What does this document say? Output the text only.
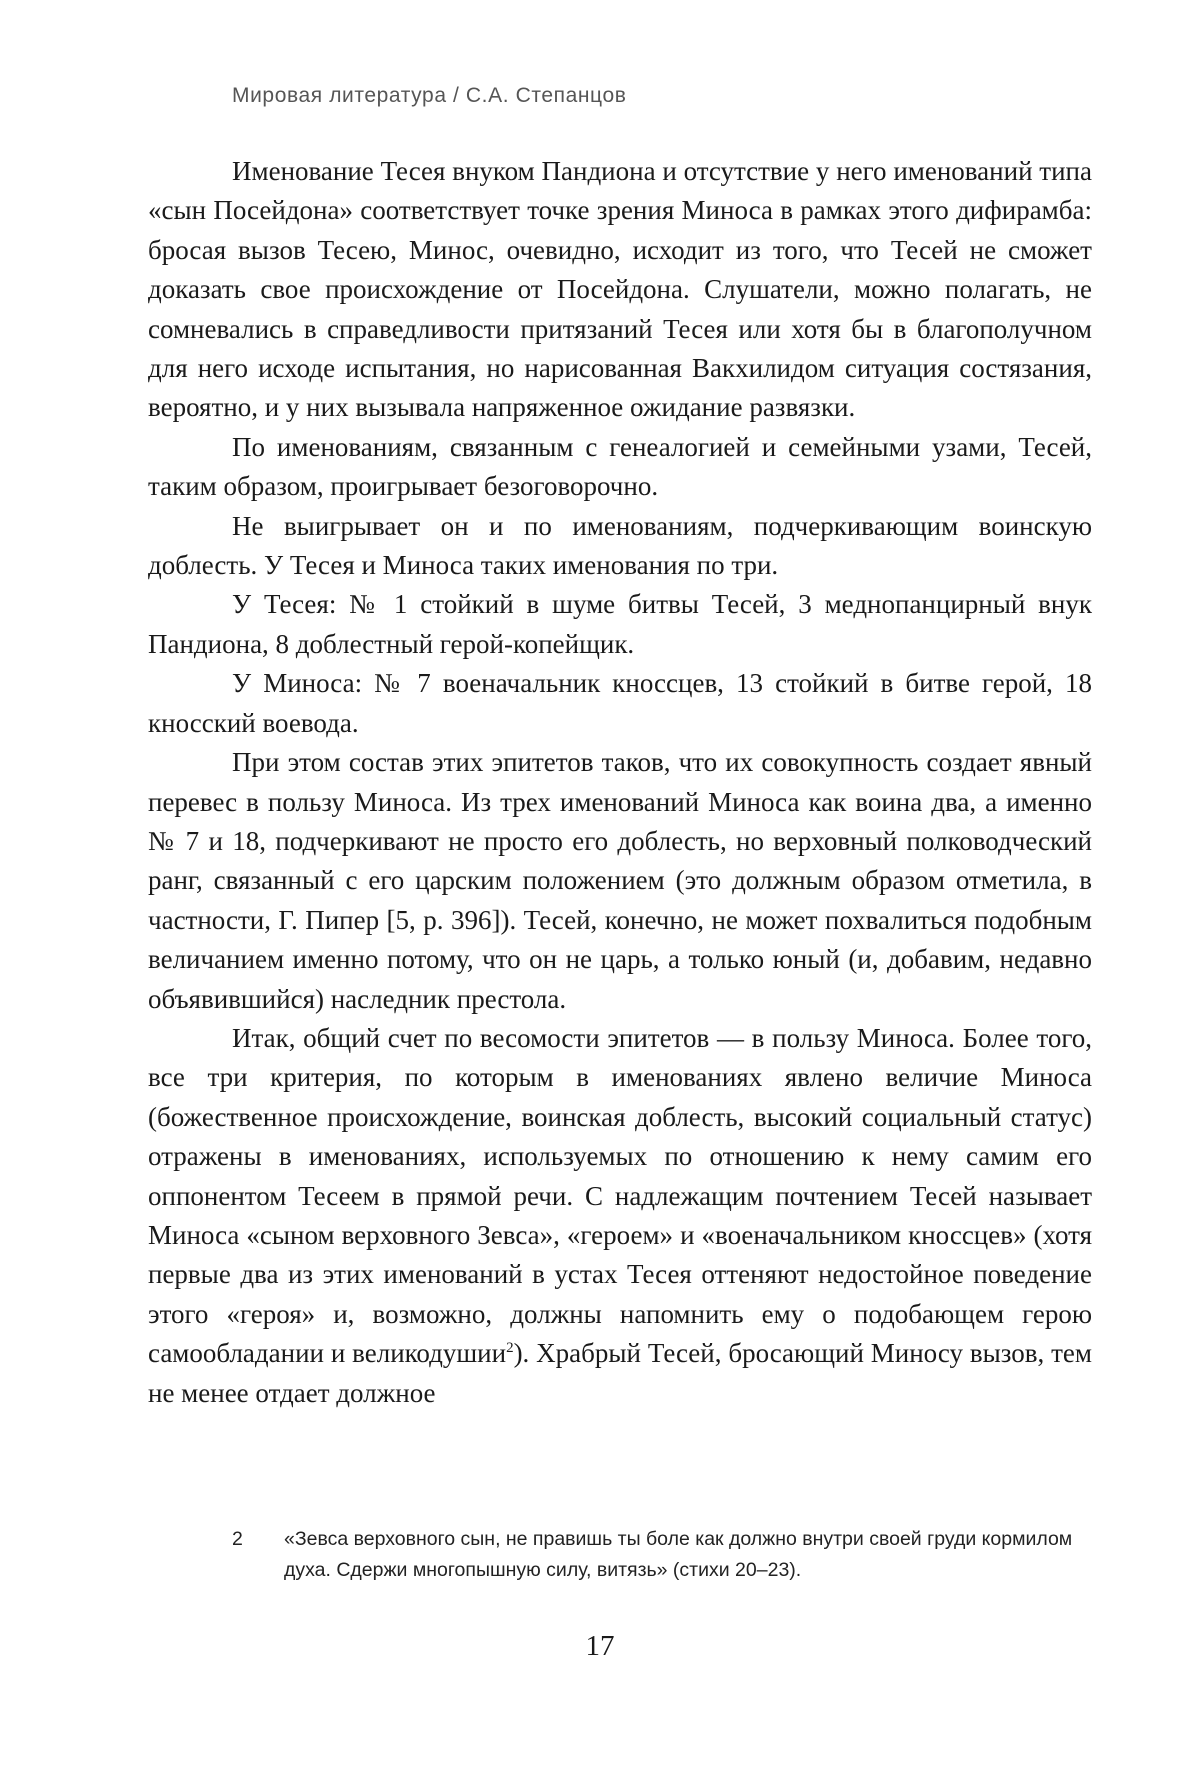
Мировая литература / С.А. Степанцов

Именование Тесея внуком Пандиона и отсутствие у него именований типа «сын Посейдона» соответствует точке зрения Миноса в рамках этого дифирамба: бросая вызов Тесею, Минос, очевидно, исходит из того, что Тесей не сможет доказать свое происхождение от Посейдона. Слушатели, можно полагать, не сомневались в справедливости притязаний Тесея или хотя бы в благополучном для него исходе испытания, но нарисованная Вакхилидом ситуация состязания, вероятно, и у них вызывала напряженное ожидание развязки.

По именованиям, связанным с генеалогией и семейными узами, Тесей, таким образом, проигрывает безоговорочно.

Не выигрывает он и по именованиям, подчеркивающим воинскую доблесть. У Тесея и Миноса таких именования по три.

У Тесея: № 1 стойкий в шуме битвы Тесей, 3 меднопанцирный внук Пандиона, 8 доблестный герой-копейщик.

У Миноса: № 7 военачальник кноссцев, 13 стойкий в битве герой, 18 кносский воевода.

При этом состав этих эпитетов таков, что их совокупность создает явный перевес в пользу Миноса. Из трех именований Миноса как воина два, а именно № 7 и 18, подчеркивают не просто его доблесть, но верховный полководческий ранг, связанный с его царским положением (это должным образом отметила, в частности, Г. Пипер [5, p. 396]). Тесей, конечно, не может похвалиться подобным величанием именно потому, что он не царь, а только юный (и, добавим, недавно объявившийся) наследник престола.

Итак, общий счет по весомости эпитетов — в пользу Миноса. Более того, все три критерия, по которым в именованиях явлено величие Миноса (божественное происхождение, воинская доблесть, высокий социальный статус) отражены в именованиях, используемых по отношению к нему самим его оппонентом Тесеем в прямой речи. С надлежащим почтением Тесей называет Миноса «сыном верховного Зевса», «героем» и «военачальником кноссцев» (хотя первые два из этих именований в устах Тесея оттеняют недостойное поведение этого «героя» и, возможно, должны напомнить ему о подобающем герою самообладании и великодушии$^2$). Храбрый Тесей, бросающий Миносу вызов, тем не менее отдает должное

2	«Зевса верховного сын, не правишь ты боле как должно внутри своей груди кормилом духа. Сдержи многопышную силу, витязь» (стихи 20–23).
17
